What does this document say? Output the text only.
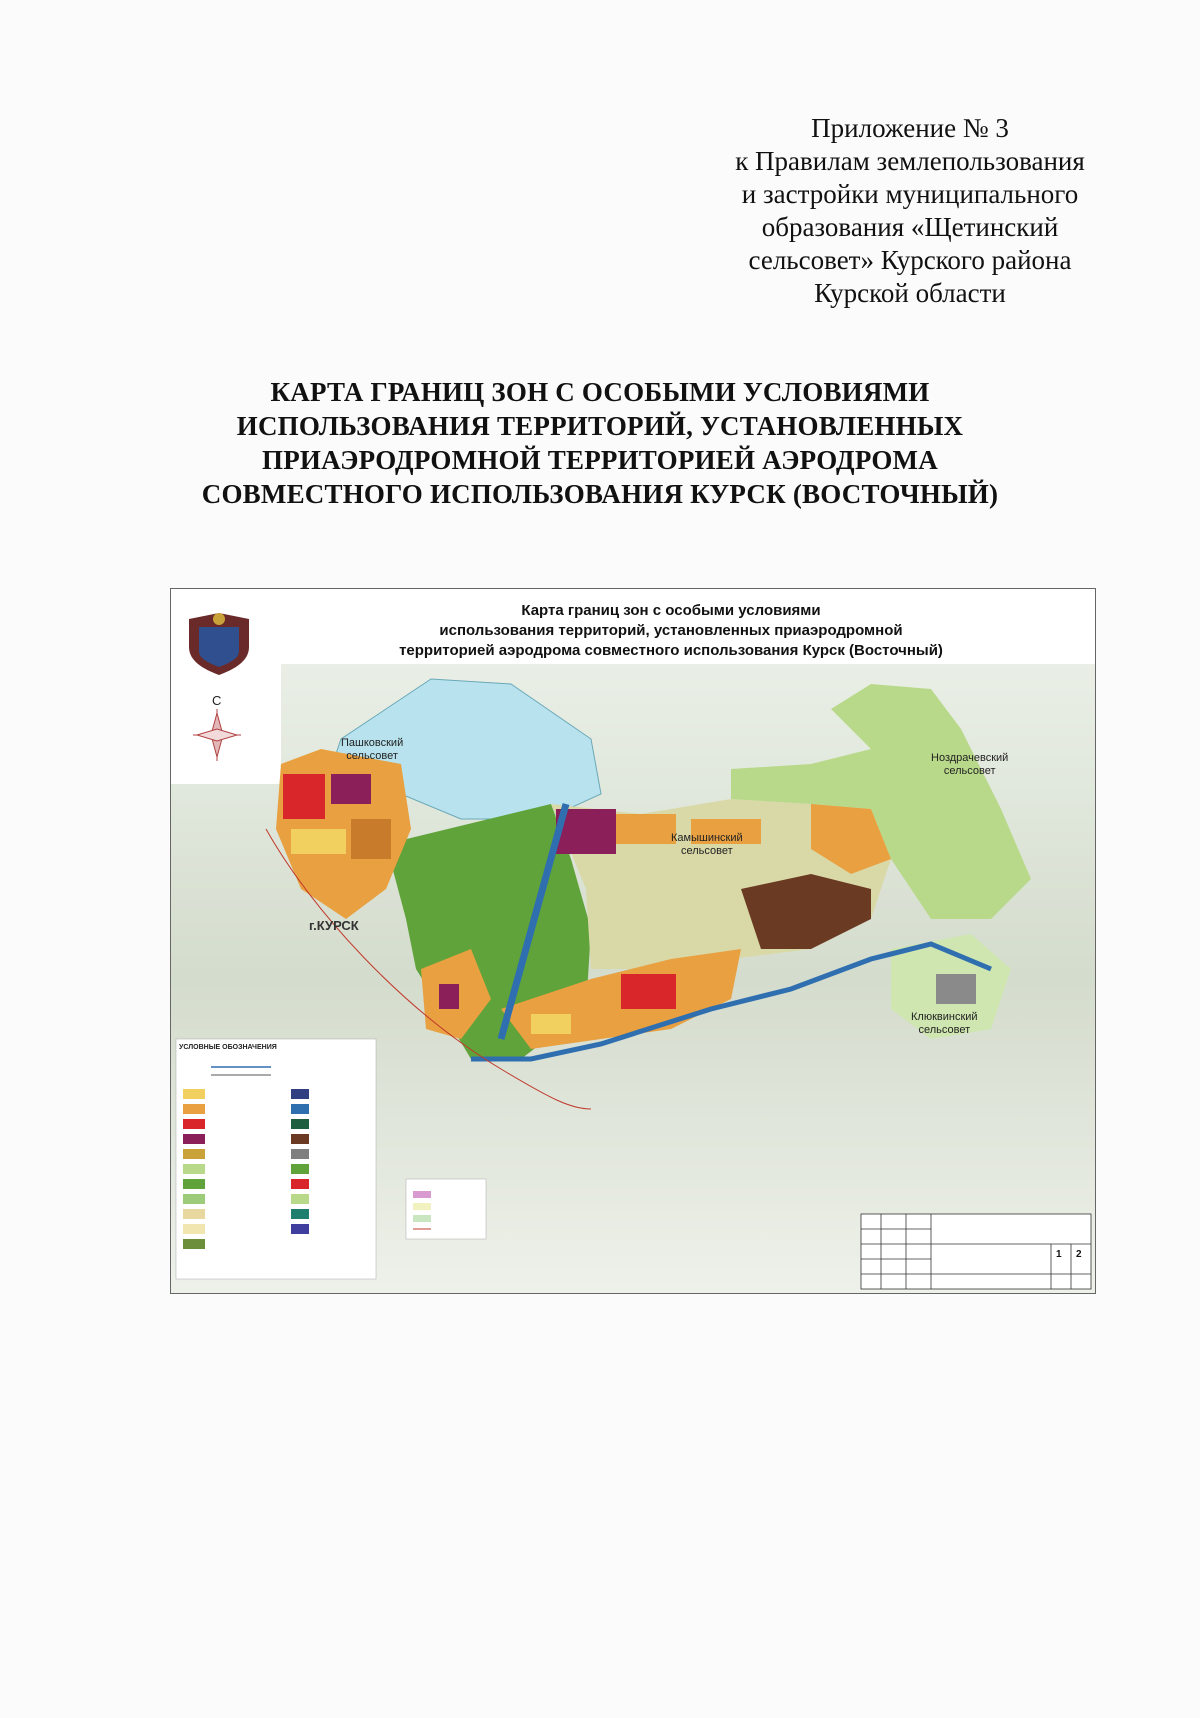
Приложение № 3
к Правилам землепользования
и застройки муниципального
образования «Щетинский
сельсовет» Курского района
Курской области
КАРТА ГРАНИЦ ЗОН С ОСОБЫМИ УСЛОВИЯМИ
ИСПОЛЬЗОВАНИЯ ТЕРРИТОРИЙ, УСТАНОВЛЕННЫХ
ПРИАЭРОДРОМНОЙ ТЕРРИТОРИЕЙ АЭРОДРОМА
СОВМЕСТНОГО ИСПОЛЬЗОВАНИЯ КУРСК (ВОСТОЧНЫЙ)
Карта границ зон с особыми условиями
использования территорий, установленных приаэродромной
территорией аэродрома совместного использования Курск (Восточный)
С
Пашковский
сельсовет
Камышинский
сельсовет
Ноздрачевский
сельсовет
Клюквинский
сельсовет
г.КУРСК
УСЛОВНЫЕ ОБОЗНАЧЕНИЯ
1 2
